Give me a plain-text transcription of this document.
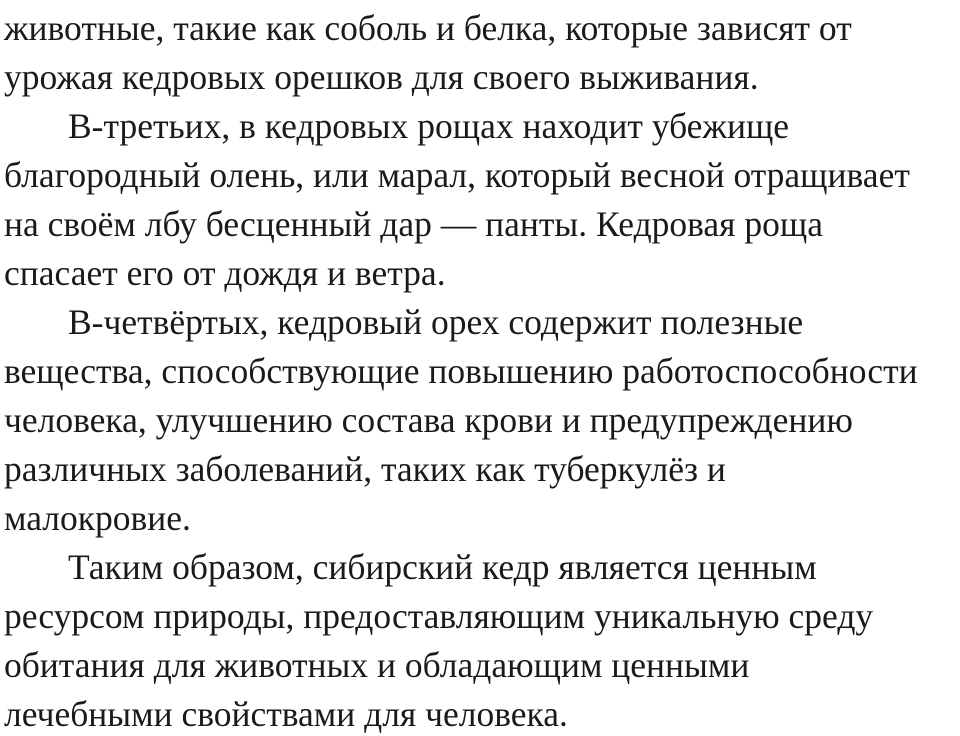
животные, такие как соболь и белка, которые зависят от
урожая кедровых орешков для своего выживания.
В-третьих, в кедровых рощах находит убежище
благородный олень, или марал, который весной отращивает
на своём лбу бесценный дар — панты. Кедровая роща
спасает его от дождя и ветра.
В-четвёртых, кедровый орех содержит полезные
вещества, способствующие повышению работоспособности
человека, улучшению состава крови и предупреждению
различных заболеваний, таких как туберкулёз и
малокровие.
Таким образом, сибирский кедр является ценным
ресурсом природы, предоставляющим уникальную среду
обитания для животных и обладающим ценными
лечебными свойствами для человека.
